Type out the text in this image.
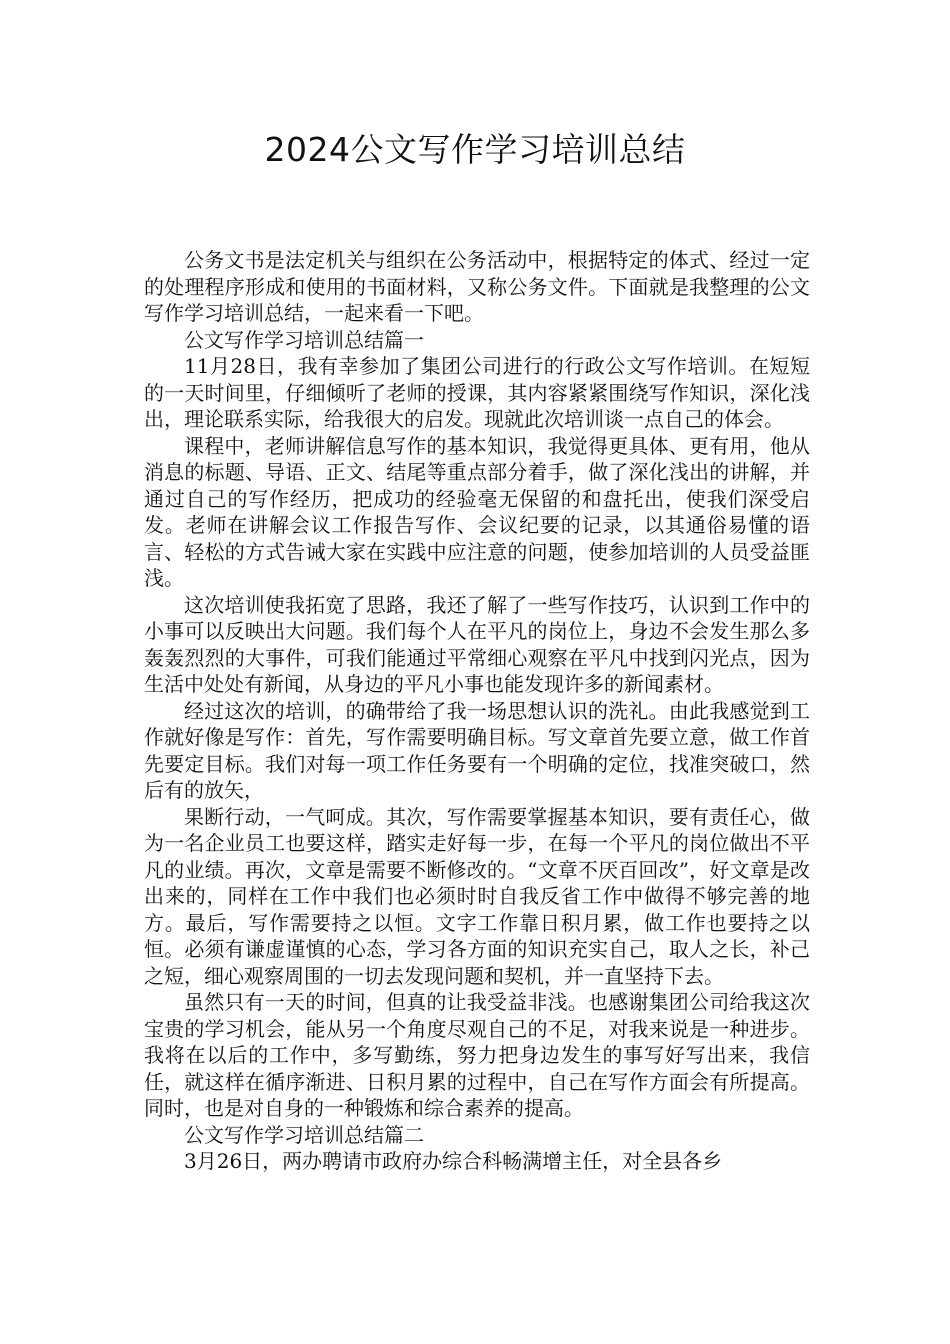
2024公文写作学习培训总结

公务文书是法定机关与组织在公务活动中，根据特定的体式、经过一定的处理程序形成和使用的书面材料，又称公务文件。下面就是我整理的公文写作学习培训总结，一起来看一下吧。

公文写作学习培训总结篇一

11月28日，我有幸参加了集团公司进行的行政公文写作培训。在短短的一天时间里，仔细倾听了老师的授课，其内容紧紧围绕写作知识，深化浅出，理论联系实际，给我很大的启发。现就此次培训谈一点自己的体会。

课程中，老师讲解信息写作的基本知识，我觉得更具体、更有用，他从消息的标题、导语、正文、结尾等重点部分着手，做了深化浅出的讲解，并通过自己的写作经历，把成功的经验毫无保留的和盘托出，使我们深受启发。老师在讲解会议工作报告写作、会议纪要的记录，以其通俗易懂的语言、轻松的方式告诫大家在实践中应注意的问题，使参加培训的人员受益匪浅。

这次培训使我拓宽了思路，我还了解了一些写作技巧，认识到工作中的小事可以反映出大问题。我们每个人在平凡的岗位上，身边不会发生那么多轰轰烈烈的大事件，可我们能通过平常细心观察在平凡中找到闪光点，因为生活中处处有新闻，从身边的平凡小事也能发现许多的新闻素材。

经过这次的培训，的确带给了我一场思想认识的洗礼。由此我感觉到工作就好像是写作：首先，写作需要明确目标。写文章首先要立意，做工作首先要定目标。我们对每一项工作任务要有一个明确的定位，找准突破口，然后有的放矢，

果断行动，一气呵成。其次，写作需要掌握基本知识，要有责任心，做为一名企业员工也要这样，踏实走好每一步，在每一个平凡的岗位做出不平凡的业绩。再次，文章是需要不断修改的。“文章不厌百回改”，好文章是改出来的，同样在工作中我们也必须时时自我反省工作中做得不够完善的地方。最后，写作需要持之以恒。文字工作靠日积月累，做工作也要持之以恒。必须有谦虚谨慎的心态，学习各方面的知识充实自己，取人之长，补己之短，细心观察周围的一切去发现问题和契机，并一直坚持下去。

虽然只有一天的时间，但真的让我受益非浅。也感谢集团公司给我这次宝贵的学习机会，能从另一个角度尽观自己的不足，对我来说是一种进步。我将在以后的工作中，多写勤练，努力把身边发生的事写好写出来，我信任，就这样在循序渐进、日积月累的过程中，自己在写作方面会有所提高。同时，也是对自身的一种锻炼和综合素养的提高。

公文写作学习培训总结篇二

3月26日，两办聘请市政府办综合科畅满增主任，对全县各乡
